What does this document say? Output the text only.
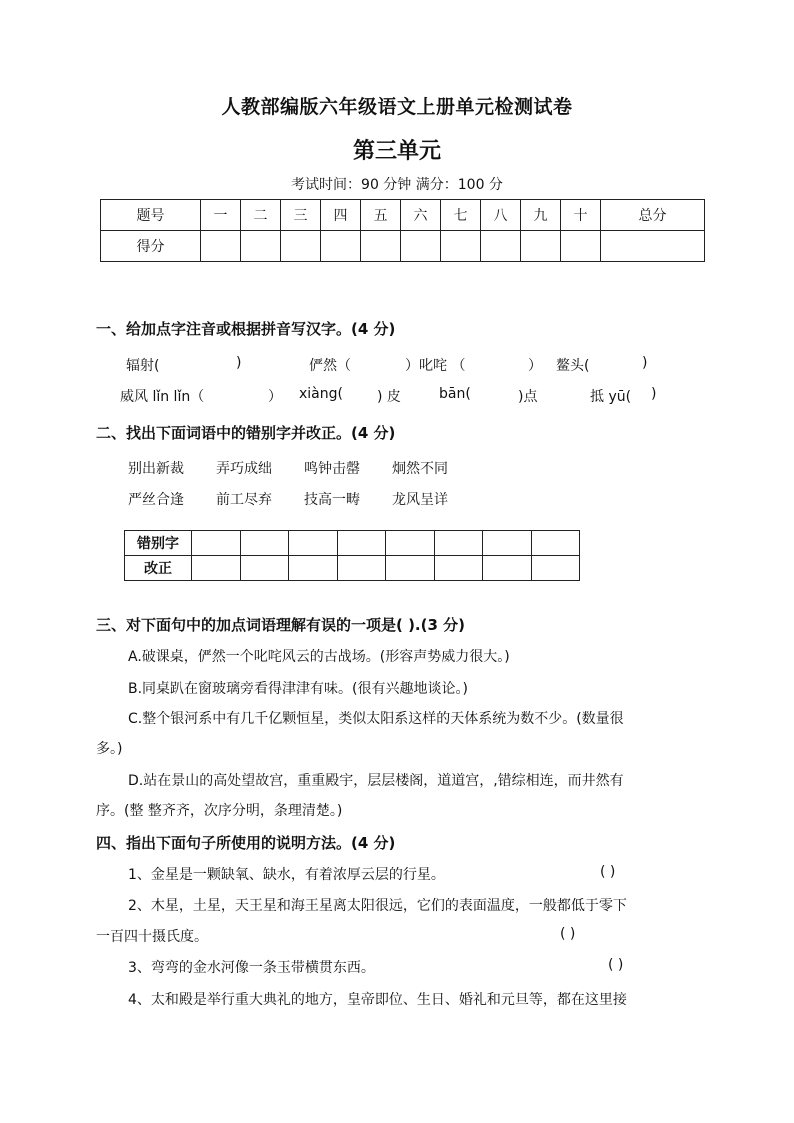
人教部编版六年级语文上册单元检测试卷
第三单元
考试时间：90 分钟 满分：100 分
题号	一	二	三	四	五	六	七	八	九	十	总分
得分											
一、给加点字注音或根据拼音写汉字。(4 分)
辐射(	)	俨然（	）叱咤 （	） 鳌头(	)
威风 lǐn lǐn（	） xiàng( ) 皮	bān(	)点	抵 yū( )
二、找出下面词语中的错别字并改正。(4 分)
别出新裁 弄巧成绌 鸣钟击罄 炯然不同
严丝合逢 前工尽弃 技高一畴 龙风呈详
错别字								
改正								
三、对下面句中的加点词语理解有误的一项是( ).(3 分)
A.破课桌，俨然一个叱咤风云的古战场。(形容声势威力很大。)
B.同桌趴在窗玻璃旁看得津津有味。(很有兴趣地谈论。)
C.整个银河系中有几千亿颗恒星，类似太阳系这样的天体系统为数不少。(数量很
多。)
D.站在景山的高处望故宫，重重殿宇，层层楼阁，道道宫，,错综相连，而井然有
序。(整 整齐齐，次序分明，条理清楚。)
四、指出下面句子所使用的说明方法。(4 分)
1、金星是一颗缺氧、缺水，有着浓厚云层的行星。	( )
2、木星，土星，天王星和海王星离太阳很远，它们的表面温度，一般都低于零下
一百四十摄氏度。	( )
3、弯弯的金水河像一条玉带横贯东西。	( )
4、太和殿是举行重大典礼的地方，皇帝即位、生日、婚礼和元旦等，都在这里接
